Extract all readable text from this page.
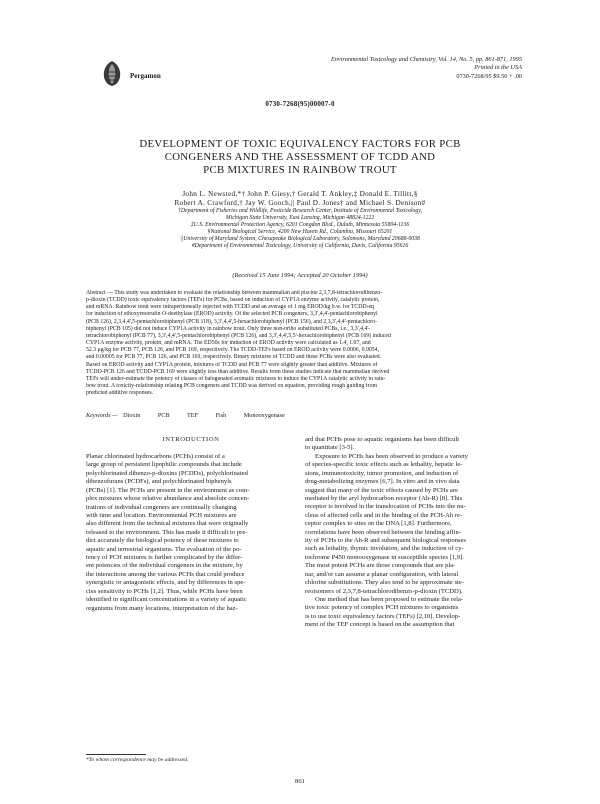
Pergamon
Environmental Toxicology and Chemistry, Vol. 14, No. 5, pp. 861-871, 1995
Printed in the USA
0730-7268/95 $9.50 + .00
0730-7268(95)00007-0
DEVELOPMENT OF TOXIC EQUIVALENCY FACTORS FOR PCB
CONGENERS AND THE ASSESSMENT OF TCDD AND
PCB MIXTURES IN RAINBOW TROUT
John L. Newsted,*† John P. Giesy,† Gerald T. Ankley,‡ Donald E. Tillitt,§
Robert A. Crawford,† Jay W. Gooch,|| Paul D. Jones† and Michael S. Denison#
†Department of Fisheries and Wildlife, Pesticide Research Center, Institute of Environmental Toxicology,
Michigan State University, East Lansing, Michigan 48824-1222
‡U.S. Environmental Protection Agency, 6201 Congdon Blvd., Duluth, Minnesota 55804-1136
§National Biological Service, 4200 New Haven Rd., Columbia, Missouri 65201
||University of Maryland System, Chesapeake Biological Laboratory, Solomons, Maryland 20688-0038
#Department of Environmental Toxicology, University of California, Davis, California 95616
(Received 15 June 1994; Accepted 20 October 1994)
Abstract — This study was undertaken to evaluate the relationship between mammalian and piscine 2,3,7,8-tetrachlorodibenzo-
p-dioxin (TCDD) toxic equivalency factors (TEFs) for PCBs, based on induction of CYP1A enzyme activity, catalytic protein,
and mRNA. Rainbow trout were intraperitoneally injected with TCDD and an average of 1 mg EROD/kg b.w. for TCDD-eq
for induction of ethoxyresorufin O-deethylase (EROD) activity. Of the selected PCB congeners, 3,3',4,4'-pentachlorobiphenyl
(PCB 126), 2,3,4,4',5-pentachlorobiphenyl (PCB 118), 3,3',4,4',5-hexachlorobiphenyl (PCB 156), and 2,3,3',4,4'-pentachloro-
biphenyl (PCB 105) did not induce CYP1A activity in rainbow trout. Only three non-ortho substituted PCBs, i.e., 3,3',4,4'-
tetrachlorobiphenyl (PCB 77), 3,3',4,4',5-pentachlorobiphenyl (PCB 126), and 3,3',4,4',5,5'-hexachlorobiphenyl (PCB 169) induced
CYP1A enzyme activity, protein, and mRNA. The ED50s for induction of EROD activity were calculated as 1.4, 1.07, and
52.3 μg/kg for PCB 77, PCB 126, and PCB 169, respectively. The TCDD-TEFs based on EROD activity were 0.0006, 0.0054,
and 0.00005 for PCB 77, PCB 126, and PCB 169, respectively. Binary mixtures of TCDD and these PCBs were also evaluated.
Based on EROD activity and CYP1A protein, mixtures of TCDD and PCB 77 were slightly greater than additive. Mixtures of
TCDD-PCB 126 and TCDD-PCB 169 were slightly less than additive. Results from these studies indicate that mammalian derived
TEFs will under-estimate the potency of classes of halogenated aromatic mixtures to induce the CYP1A catalytic activity in rain-
bow trout. A toxicity-relationship relating PCB congeners and TCDD was derived on equation, providing rough guiding from
predicted additive responses.
Keywords — Dioxin	PCB	TEF	Fish	Monooxygenase
INTRODUCTION
Planar chlorinated hydrocarbons (PCHs) consist of a
large group of persistent lipophilic compounds that include
polychlorinated dibenzo-p-dioxins (PCDDs), polychlorinated
dibenzofurans (PCDFs), and polychlorinated biphenyls
(PCBs) [1]. The PCHs are present in the environment as com-
plex mixtures whose relative abundance and absolute concen-
trations of individual congeners are continually changing
with time and location. Environmental PCH mixtures are
also different from the technical mixtures that were originally
released to the environment. This has made it difficult to pre-
dict accurately the biological potency of these mixtures to
aquatic and terrestrial organisms. The evaluation of the po-
tency of PCH mixtures is further complicated by the differ-
ent potencies of the individual congeners in the mixture, by
the interactions among the various PCHs that could produce
synergistic or antagonistic effects, and by differences in spe-
cies sensitivity to PCHs [1,2]. Thus, while PCHs have been
identified in significant concentrations in a variety of aquatic
organisms from many locations, interpretation of the haz-
ard that PCHs pose to aquatic organisms has been difficult
to quantitate [3-5].
Exposure to PCHs has been observed to produce a variety
of species-specific toxic effects such as lethality, hepatic le-
sions, immunotoxicity, tumor promotion, and induction of
drug-metabolizing enzymes [6,7]. In vitro and in vivo data
suggest that many of the toxic effects caused by PCHs are
mediated by the aryl hydrocarbon receptor (Ah-R) [8]. This
receptor is involved in the translocation of PCHs into the nu-
cleus of affected cells and in the binding of the PCH-Ah re-
ceptor complex to sites on the DNA [1,8]. Furthermore,
correlations have been observed between the binding affin-
ity of PCHs to the Ah-R and subsequent biological responses
such as lethality, thymic involution, and the induction of cy-
tochrome P450 monooxygenase in susceptible species [1,9].
The most potent PCHs are those compounds that are pla-
nar, and/or can assume a planar configuration, with lateral
chlorine substitutions. They also tend to be approximate ste-
reoisomers of 2,3,7,8-tetrachlorodibenzo-p-dioxin (TCDD).
One method that has been proposed to estimate the rela-
tive toxic potency of complex PCH mixtures to organisms
is to use toxic equivalency factors (TEFs) [2,10]. Develop-
ment of the TEF concept is based on the assumption that
*To whom correspondence may be addressed.
861
